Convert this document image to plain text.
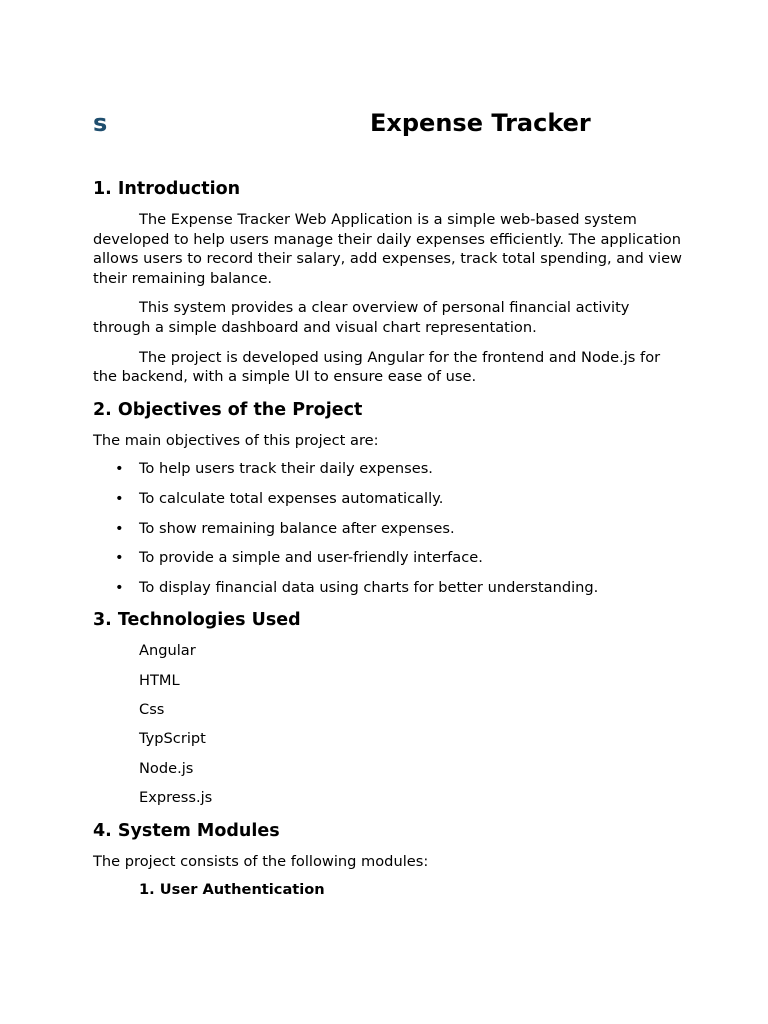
s	Expense Tracker
1. Introduction

The Expense Tracker Web Application is a simple web-based system developed to help users manage their daily expenses efficiently. The application allows users to record their salary, add expenses, track total spending, and view their remaining balance.

This system provides a clear overview of personal financial activity through a simple dashboard and visual chart representation.

The project is developed using Angular for the frontend and Node.js for the backend, with a simple UI to ensure ease of use.

2. Objectives of the Project

The main objectives of this project are:

• To help users track their daily expenses.
• To calculate total expenses automatically.
• To show remaining balance after expenses.
• To provide a simple and user-friendly interface.
• To display financial data using charts for better understanding.
3. Technologies Used
Angular
HTML
Css
TypScript
Node.js
Express.js
4. System Modules

The project consists of the following modules:

1. User Authentication
